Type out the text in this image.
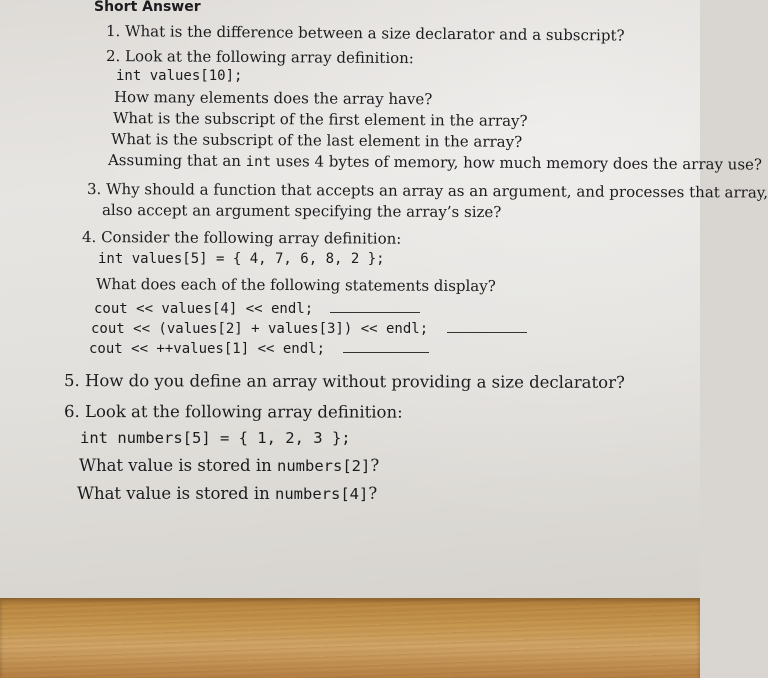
Short Answer
1. What is the difference between a size declarator and a subscript?
2. Look at the following array definition:
int values[10];
How many elements does the array have?
What is the subscript of the first element in the array?
What is the subscript of the last element in the array?
Assuming that an int uses 4 bytes of memory, how much memory does the array use?
3. Why should a function that accepts an array as an argument, and processes that array,
also accept an argument specifying the array’s size?
4. Consider the following array definition:
int values[5] = { 4, 7, 6, 8, 2 };
What does each of the following statements display?
cout << values[4] << endl;
cout << (values[2] + values[3]) << endl;
cout << ++values[1] << endl;
5. How do you define an array without providing a size declarator?
6. Look at the following array definition:
int numbers[5] = { 1, 2, 3 };
What value is stored in numbers[2]?
What value is stored in numbers[4]?
